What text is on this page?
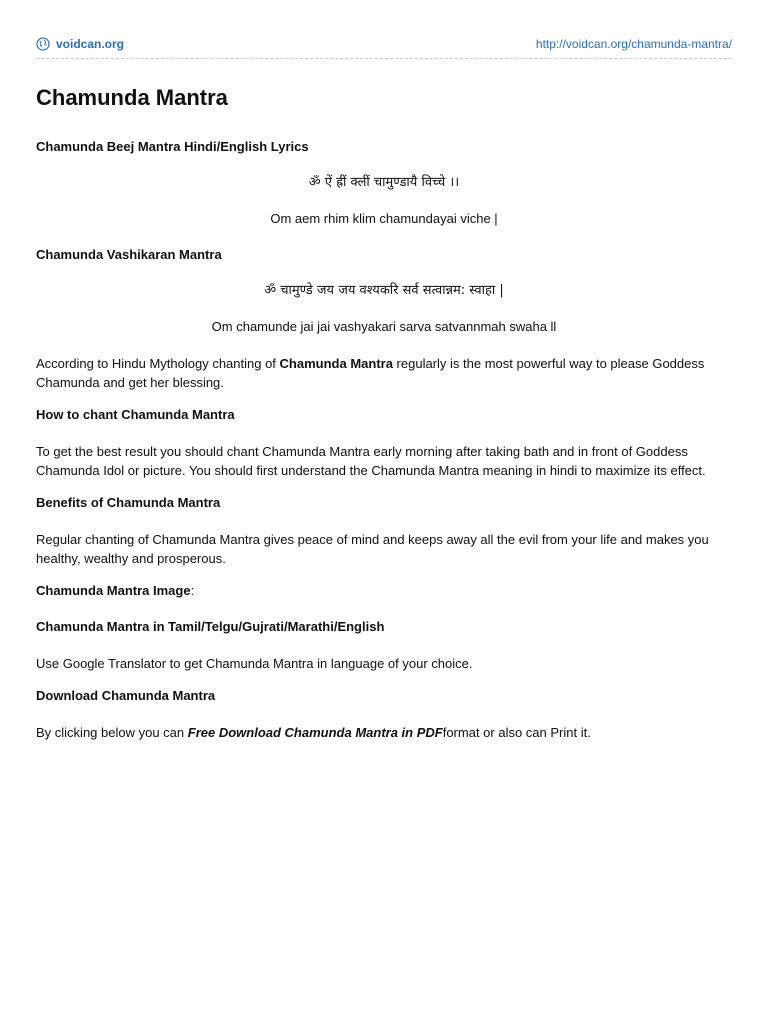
voidcan.org	http://voidcan.org/chamunda-mantra/
Chamunda Mantra
Chamunda Beej Mantra Hindi/English Lyrics
ॐ ऐं ह्रीं क्लीं चामुण्डायै विच्चे ।।
Om aem rhim klim chamundayai viche |
Chamunda Vashikaran Mantra
ॐ चामुण्डे जय जय वश्यकरि सर्व सत्वान्नम: स्वाहा |
Om chamunde jai jai vashyakari sarva satvannmah swaha ll

According to Hindu Mythology chanting of Chamunda Mantra regularly is the most powerful way to please Goddess Chamunda and get her blessing.

How to chant Chamunda Mantra

To get the best result you should chant Chamunda Mantra early morning after taking bath and in front of Goddess Chamunda Idol or picture. You should first understand the Chamunda Mantra meaning in hindi to maximize its effect.

Benefits of Chamunda Mantra

Regular chanting of Chamunda Mantra gives peace of mind and keeps away all the evil from your life and makes you healthy, wealthy and prosperous.

Chamunda Mantra Image:
Chamunda Mantra in Tamil/Telgu/Gujrati/Marathi/English

Use Google Translator to get Chamunda Mantra in language of your choice.

Download Chamunda Mantra

By clicking below you can Free Download Chamunda Mantra in PDFformat or also can Print it.
